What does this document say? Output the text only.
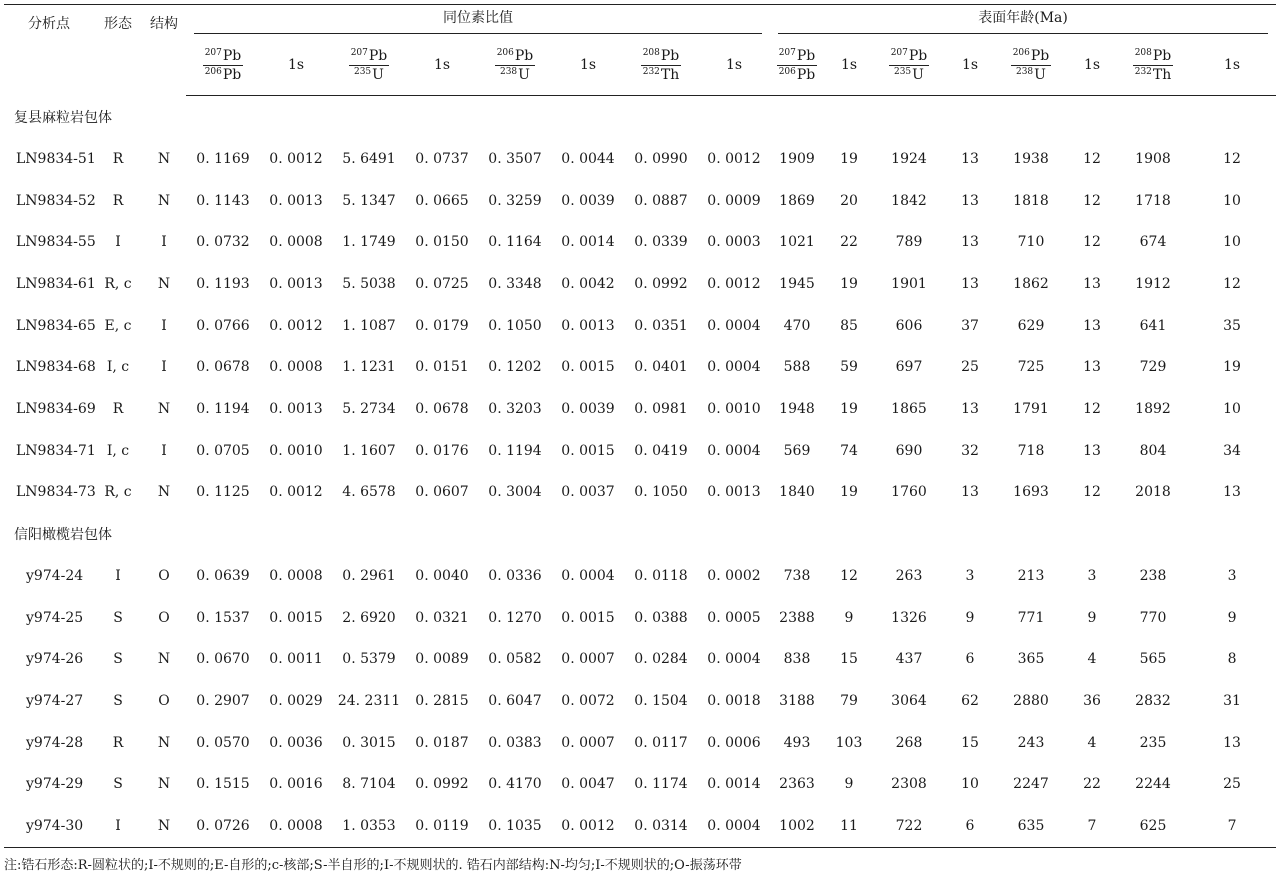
分析点	形态	结构	同位素比值								表面年龄(Ma)							

			$\frac{^{207}Pb}{^{206}Pb}$	1s	$\frac{^{207}Pb}{^{235}U}$	1s	$\frac{^{206}Pb}{^{238}U}$	1s	$\frac{^{208}Pb}{^{232}Th}$	1s	$\frac{^{207}Pb}{^{206}Pb}$	1s	$\frac{^{207}Pb}{^{235}U}$	1s	$\frac{^{206}Pb}{^{238}U}$	1s	$\frac{^{208}Pb}{^{232}Th}$	1s
复县麻粒岩包体																		
LN9834-51	R	N	0. 1169	0. 0012	5. 6491	0. 0737	0. 3507	0. 0044	0. 0990	0. 0012	1909	19	1924	13	1938	12	1908	12
LN9834-52	R	N	0. 1143	0. 0013	5. 1347	0. 0665	0. 3259	0. 0039	0. 0887	0. 0009	1869	20	1842	13	1818	12	1718	10
LN9834-55	I	I	0. 0732	0. 0008	1. 1749	0. 0150	0. 1164	0. 0014	0. 0339	0. 0003	1021	22	789	13	710	12	674	10
LN9834-61	R, c	N	0. 1193	0. 0013	5. 5038	0. 0725	0. 3348	0. 0042	0. 0992	0. 0012	1945	19	1901	13	1862	13	1912	12
LN9834-65	E, c	I	0. 0766	0. 0012	1. 1087	0. 0179	0. 1050	0. 0013	0. 0351	0. 0004	470	85	606	37	629	13	641	35
LN9834-68	I, c	I	0. 0678	0. 0008	1. 1231	0. 0151	0. 1202	0. 0015	0. 0401	0. 0004	588	59	697	25	725	13	729	19
LN9834-69	R	N	0. 1194	0. 0013	5. 2734	0. 0678	0. 3203	0. 0039	0. 0981	0. 0010	1948	19	1865	13	1791	12	1892	10
LN9834-71	I, c	I	0. 0705	0. 0010	1. 1607	0. 0176	0. 1194	0. 0015	0. 0419	0. 0004	569	74	690	32	718	13	804	34
LN9834-73	R, c	N	0. 1125	0. 0012	4. 6578	0. 0607	0. 3004	0. 0037	0. 1050	0. 0013	1840	19	1760	13	1693	12	2018	13
信阳橄榄岩包体																		
y974-24	I	O	0. 0639	0. 0008	0. 2961	0. 0040	0. 0336	0. 0004	0. 0118	0. 0002	738	12	263	3	213	3	238	3
y974-25	S	O	0. 1537	0. 0015	2. 6920	0. 0321	0. 1270	0. 0015	0. 0388	0. 0005	2388	9	1326	9	771	9	770	9
y974-26	S	N	0. 0670	0. 0011	0. 5379	0. 0089	0. 0582	0. 0007	0. 0284	0. 0004	838	15	437	6	365	4	565	8
y974-27	S	O	0. 2907	0. 0029	24. 2311	0. 2815	0. 6047	0. 0072	0. 1504	0. 0018	3188	79	3064	62	2880	36	2832	31
y974-28	R	N	0. 0570	0. 0036	0. 3015	0. 0187	0. 0383	0. 0007	0. 0117	0. 0006	493	103	268	15	243	4	235	13
y974-29	S	N	0. 1515	0. 0016	8. 7104	0. 0992	0. 4170	0. 0047	0. 1174	0. 0014	2363	9	2308	10	2247	22	2244	25
y974-30	I	N	0. 0726	0. 0008	1. 0353	0. 0119	0. 1035	0. 0012	0. 0314	0. 0004	1002	11	722	6	635	7	625	7
注:锆石形态:R-圆粒状的;I-不规则的;E-自形的;c-核部;S-半自形的;I-不规则状的. 锆石内部结构:N-均匀;I-不规则状的;O-振荡环带
